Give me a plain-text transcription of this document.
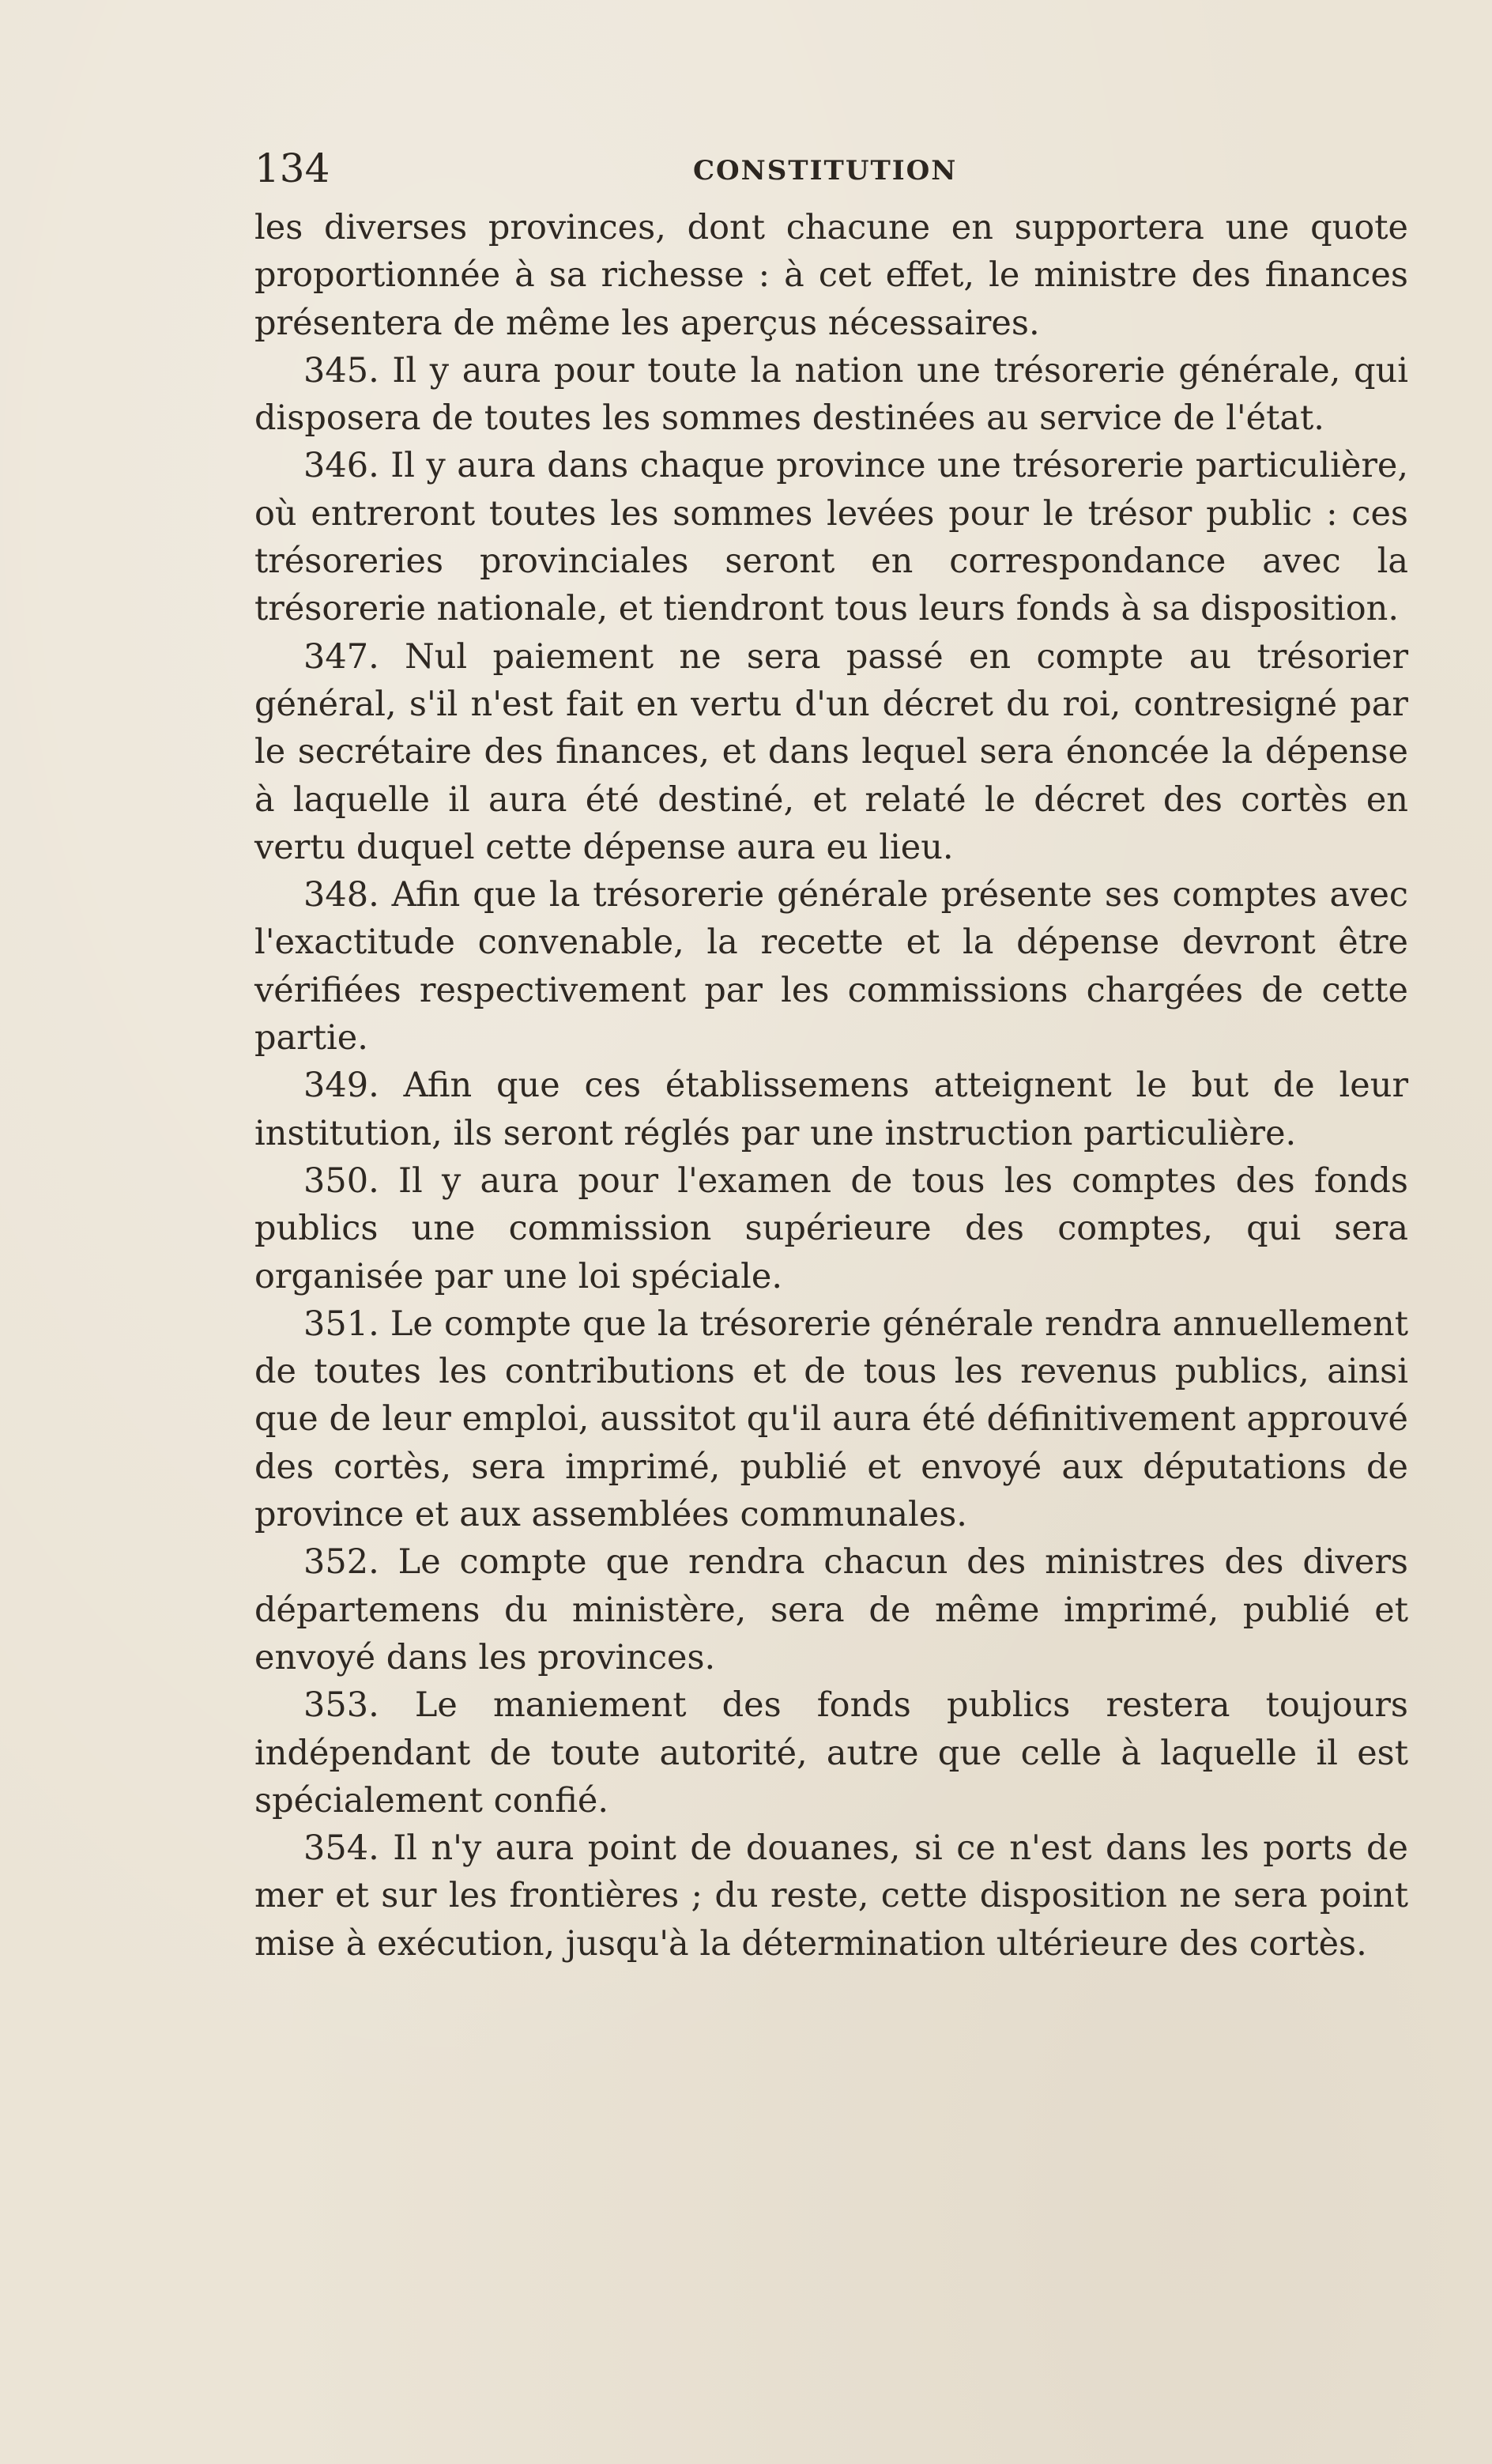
134	CONSTITUTION

les diverses provinces, dont chacune en supportera une quote proportionnée à sa richesse : à cet effet, le ministre des finances présentera de même les aperçus nécessaires.

345. Il y aura pour toute la nation une trésorerie générale, qui disposera de toutes les sommes destinées au service de l'état.

346. Il y aura dans chaque province une trésorerie particulière, où entreront toutes les sommes levées pour le trésor public : ces trésoreries provinciales seront en correspondance avec la trésorerie nationale, et tiendront tous leurs fonds à sa disposition.

347. Nul paiement ne sera passé en compte au trésorier général, s'il n'est fait en vertu d'un décret du roi, contresigné par le secrétaire des finances, et dans lequel sera énoncée la dépense à laquelle il aura été destiné, et relaté le décret des cortès en vertu duquel cette dépense aura eu lieu.

348. Afin que la trésorerie générale présente ses comptes avec l'exactitude convenable, la recette et la dépense devront être vérifiées respectivement par les commissions chargées de cette partie.

349. Afin que ces établissemens atteignent le but de leur institution, ils seront réglés par une instruction particulière.

350. Il y aura pour l'examen de tous les comptes des fonds publics une commission supérieure des comptes, qui sera organisée par une loi spéciale.

351. Le compte que la trésorerie générale rendra annuellement de toutes les contributions et de tous les revenus publics, ainsi que de leur emploi, aussitot qu'il aura été définitivement approuvé des cortès, sera imprimé, publié et envoyé aux députations de province et aux assemblées communales.

352. Le compte que rendra chacun des ministres des divers départemens du ministère, sera de même imprimé, publié et envoyé dans les provinces.

353. Le maniement des fonds publics restera toujours indépendant de toute autorité, autre que celle à laquelle il est spécialement confié.

354. Il n'y aura point de douanes, si ce n'est dans les ports de mer et sur les frontières ; du reste, cette disposition ne sera point mise à exécution, jusqu'à la détermination ultérieure des cortès.
